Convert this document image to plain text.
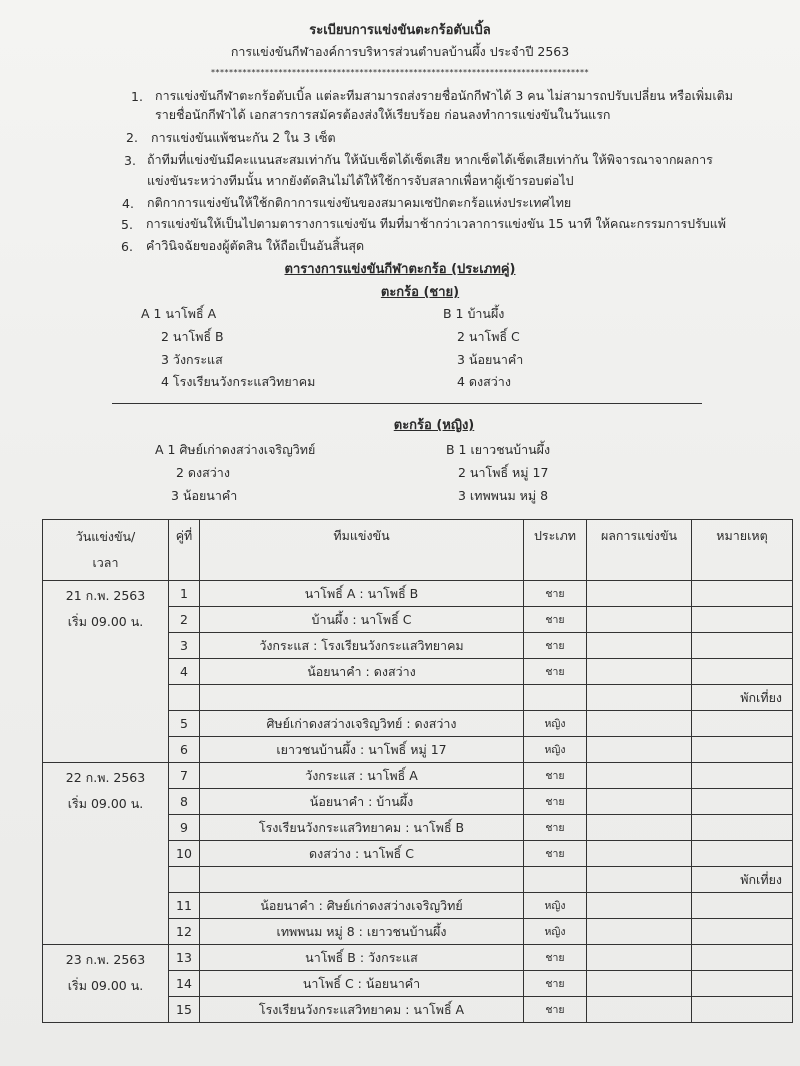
ระเบียบการแข่งขันตะกร้อตับเบิ้ล
การแข่งขันกีฬาองค์การบริหารส่วนตำบลบ้านผึ้ง ประจำปี 2563
************************************************************************************
1. การแข่งขันกีฬาตะกร้อตับเบิ้ล แต่ละทีมสามารถส่งรายชื่อนักกีฬาได้ 3 คน ไม่สามารถปรับเปลี่ยน หรือเพิ่มเติม
รายชื่อนักกีฬาได้ เอกสารการสมัครต้องส่งให้เรียบร้อย ก่อนลงทำการแข่งขันในวันแรก
2. การแข่งขันแพ้ชนะกัน 2 ใน 3 เซ็ต
3. ถ้าทีมที่แข่งขันมีคะแนนสะสมเท่ากัน ให้นับเซ็ตได้เซ็ตเสีย หากเซ็ตได้เซ็ตเสียเท่ากัน ให้พิจารณาจากผลการ
แข่งขันระหว่างทีมนั้น หากยังตัดสินไม่ได้ให้ใช้การจับสลากเพื่อหาผู้เข้ารอบต่อไป
4. กติกาการแข่งขันให้ใช้กติกาการแข่งขันของสมาคมเซปักตะกร้อแห่งประเทศไทย
5. การแข่งขันให้เป็นไปตามตารางการแข่งขัน ทีมที่มาช้ากว่าเวลาการแข่งขัน 15 นาที ให้คณะกรรมการปรับแพ้
6. คำวินิจฉัยของผู้ตัดสิน ให้ถือเป็นอันสิ้นสุด
ตารางการแข่งขันกีฬาตะกร้อ (ประเภทคู่)
ตะกร้อ (ชาย)
A 1 นาโพธิ์ A
2 นาโพธิ์ B
3 วังกระแส
4 โรงเรียนวังกระแสวิทยาคม
B 1 บ้านผึ้ง
2 นาโพธิ์ C
3 น้อยนาคำ
4 ดงสว่าง
ตะกร้อ (หญิง)
A 1 ศิษย์เก่าดงสว่างเจริญวิทย์
2 ดงสว่าง
3 น้อยนาคำ
B 1 เยาวชนบ้านผึ้ง
2 นาโพธิ์ หมู่ 17
3 เทพพนม หมู่ 8
วันแข่งขัน/
เวลา	คู่ที่	ทีมแข่งขัน	ประเภท	ผลการแข่งขัน	หมายเหตุ

21 ก.พ. 2563
เริ่ม 09.00 น.	1	นาโพธิ์ A : นาโพธิ์ B	ชาย		
	2	บ้านผึ้ง : นาโพธิ์ C	ชาย		
	3	วังกระแส : โรงเรียนวังกระแสวิทยาคม	ชาย		
	4	น้อยนาคำ : ดงสว่าง	ชาย		
					พักเที่ยง
	5	ศิษย์เก่าดงสว่างเจริญวิทย์ : ดงสว่าง	หญิง		
	6	เยาวชนบ้านผึ้ง : นาโพธิ์ หมู่ 17	หญิง		

22 ก.พ. 2563
เริ่ม 09.00 น.	7	วังกระแส : นาโพธิ์ A	ชาย		
	8	น้อยนาคำ : บ้านผึ้ง	ชาย		
	9	โรงเรียนวังกระแสวิทยาคม : นาโพธิ์ B	ชาย		
	10	ดงสว่าง : นาโพธิ์ C	ชาย		
					พักเที่ยง
	11	น้อยนาคำ : ศิษย์เก่าดงสว่างเจริญวิทย์	หญิง		
	12	เทพพนม หมู่ 8 : เยาวชนบ้านผึ้ง	หญิง		

23 ก.พ. 2563
เริ่ม 09.00 น.	13	นาโพธิ์ B : วังกระแส	ชาย		
	14	นาโพธิ์ C : น้อยนาคำ	ชาย		
	15	โรงเรียนวังกระแสวิทยาคม : นาโพธิ์ A	ชาย		
